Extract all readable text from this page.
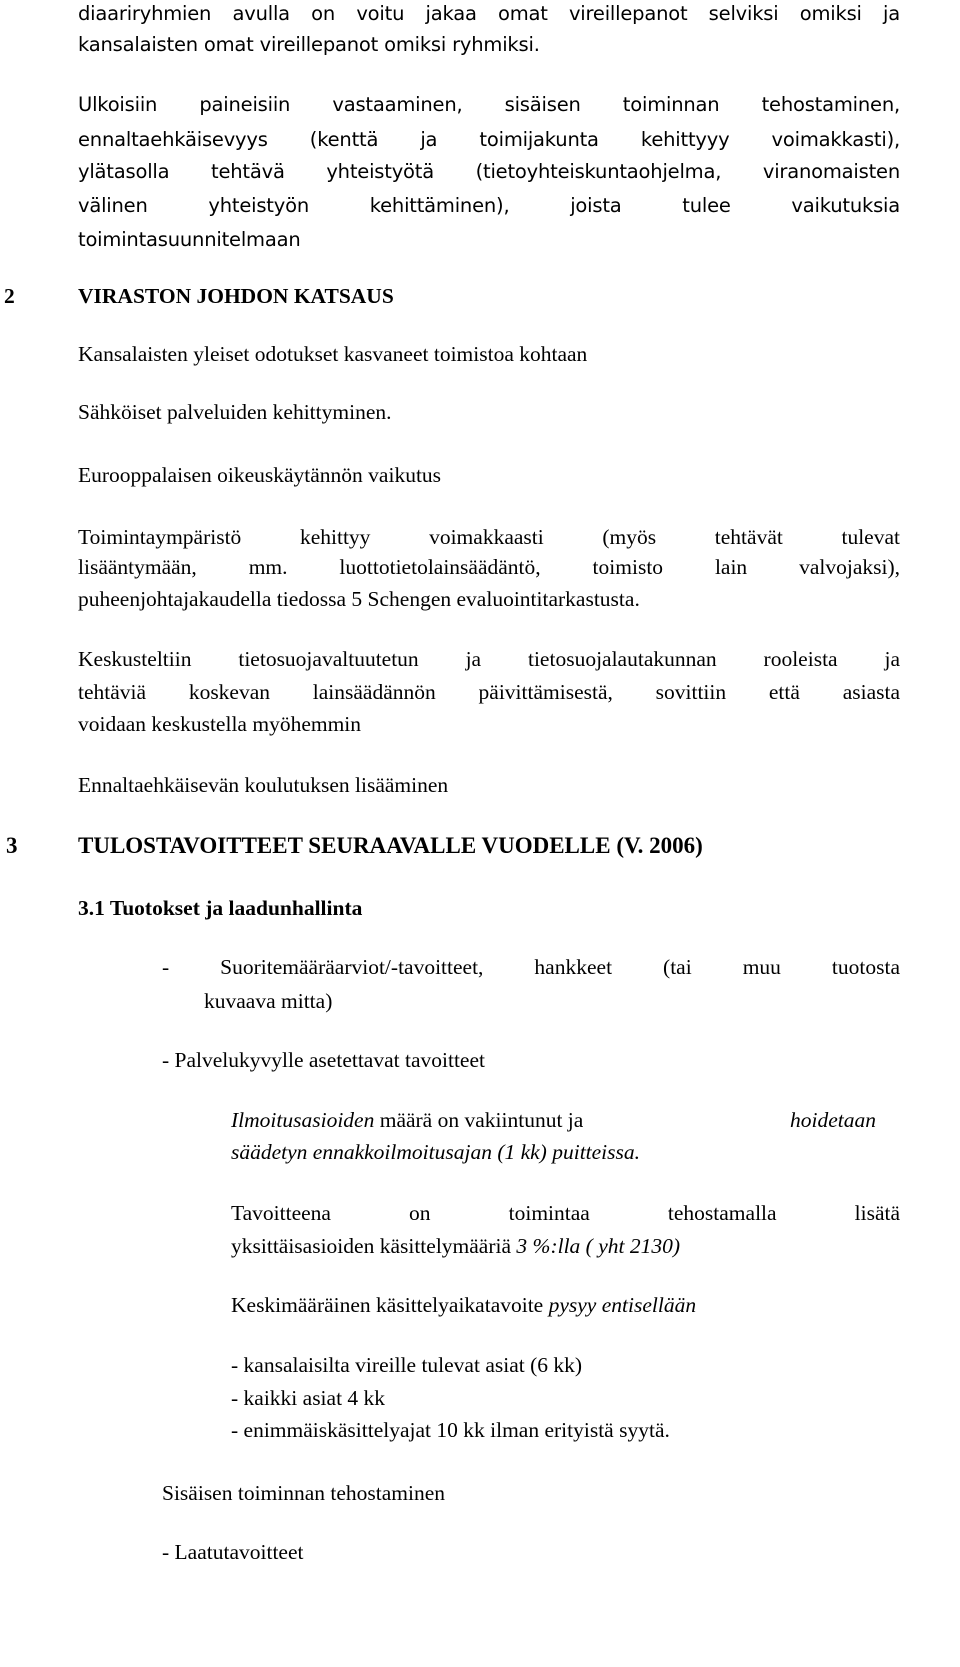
diaariryhmien avulla on voitu jakaa omat vireillepanot selviksi omiksi ja
kansalaisten omat vireillepanot omiksi ryhmiksi.
Ulkoisiin paineisiin vastaaminen, sisäisen toiminnan tehostaminen,
ennaltaehkäisevyys (kenttä ja toimijakunta kehittyyy voimakkasti),
ylätasolla tehtävä yhteistyötä (tietoyhteiskuntaohjelma, viranomaisten
välinen yhteistyön kehittäminen), joista tulee vaikutuksia
toimintasuunnitelmaan
2	VIRASTON JOHDON KATSAUS
Kansalaisten yleiset odotukset kasvaneet toimistoa kohtaan
Sähköiset palveluiden kehittyminen.
Eurooppalaisen oikeuskäytännön vaikutus
Toimintaympäristö kehittyy voimakkaasti (myös tehtävät tulevat
lisääntymään, mm. luottotietolainsäädäntö, toimisto lain valvojaksi),
puheenjohtajakaudella tiedossa 5 Schengen evaluointitarkastusta.
Keskusteltiin tietosuojavaltuutetun ja tietosuojalautakunnan rooleista ja
tehtäviä koskevan lainsäädännön päivittämisestä, sovittiin että asiasta
voidaan keskustella myöhemmin
Ennaltaehkäisevän koulutuksen lisääminen
3	TULOSTAVOITTEET SEURAAVALLE VUODELLE (V. 2006)
3.1 Tuotokset ja laadunhallinta
- Suoritemääräarviot/-tavoitteet, hankkeet (tai muu tuotosta
kuvaava mitta)
- Palvelukyvylle asetettavat tavoitteet
Ilmoitusasioiden määrä on vakiintunut ja	hoidetaan
säädetyn ennakkoilmoitusajan (1 kk) puitteissa.
Tavoitteena on toimintaa tehostamalla lisätä
yksittäisasioiden käsittelymääriä 3 %:lla ( yht 2130)
Keskimääräinen käsittelyaikatavoite pysyy entisellään
- kansalaisilta vireille tulevat asiat (6 kk)
- kaikki asiat 4 kk
- enimmäiskäsittelyajat 10 kk ilman erityistä syytä.
Sisäisen toiminnan tehostaminen
- Laatutavoitteet
